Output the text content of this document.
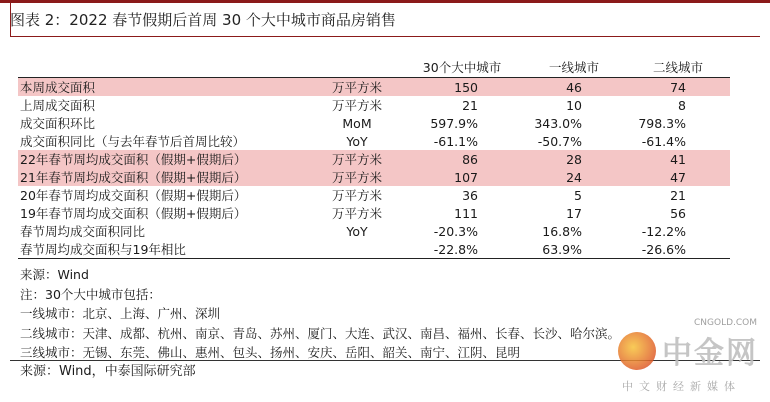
图表 2：2022 春节假期后首周 30 个大中城市商品房销售
		30个大中城市	一线城市	二线城市
本周成交面积	万平方米	150	46	74
上周成交面积	万平方米	21	10	8
成交面积环比	MoM	597.9%	343.0%	798.3%
成交面积同比（与去年春节后首周比较）	YoY	-61.1%	-50.7%	-61.4%
22年春节周均成交面积（假期+假期后）	万平方米	86	28	41
21年春节周均成交面积（假期+假期后）	万平方米	107	24	47
20年春节周均成交面积（假期+假期后）	万平方米	36	5	21
19年春节周均成交面积（假期+假期后）	万平方米	111	17	56
春节周均成交面积同比	YoY	-20.3%	16.8%	-12.2%
春节周均成交面积与19年相比		-22.8%	63.9%	-26.6%
来源：Wind
注：30个大中城市包括：
一线城市：北京、上海、广州、深圳
二线城市：天津、成都、杭州、南京、青岛、苏州、厦门、大连、武汉、南昌、福州、长春、长沙、哈尔滨。
三线城市：无锡、东莞、佛山、惠州、包头、扬州、安庆、岳阳、韶关、南宁、江阴、昆明
来源：Wind，中泰国际研究部
CNGOLD.COM
中金网
中文财经新媒体
